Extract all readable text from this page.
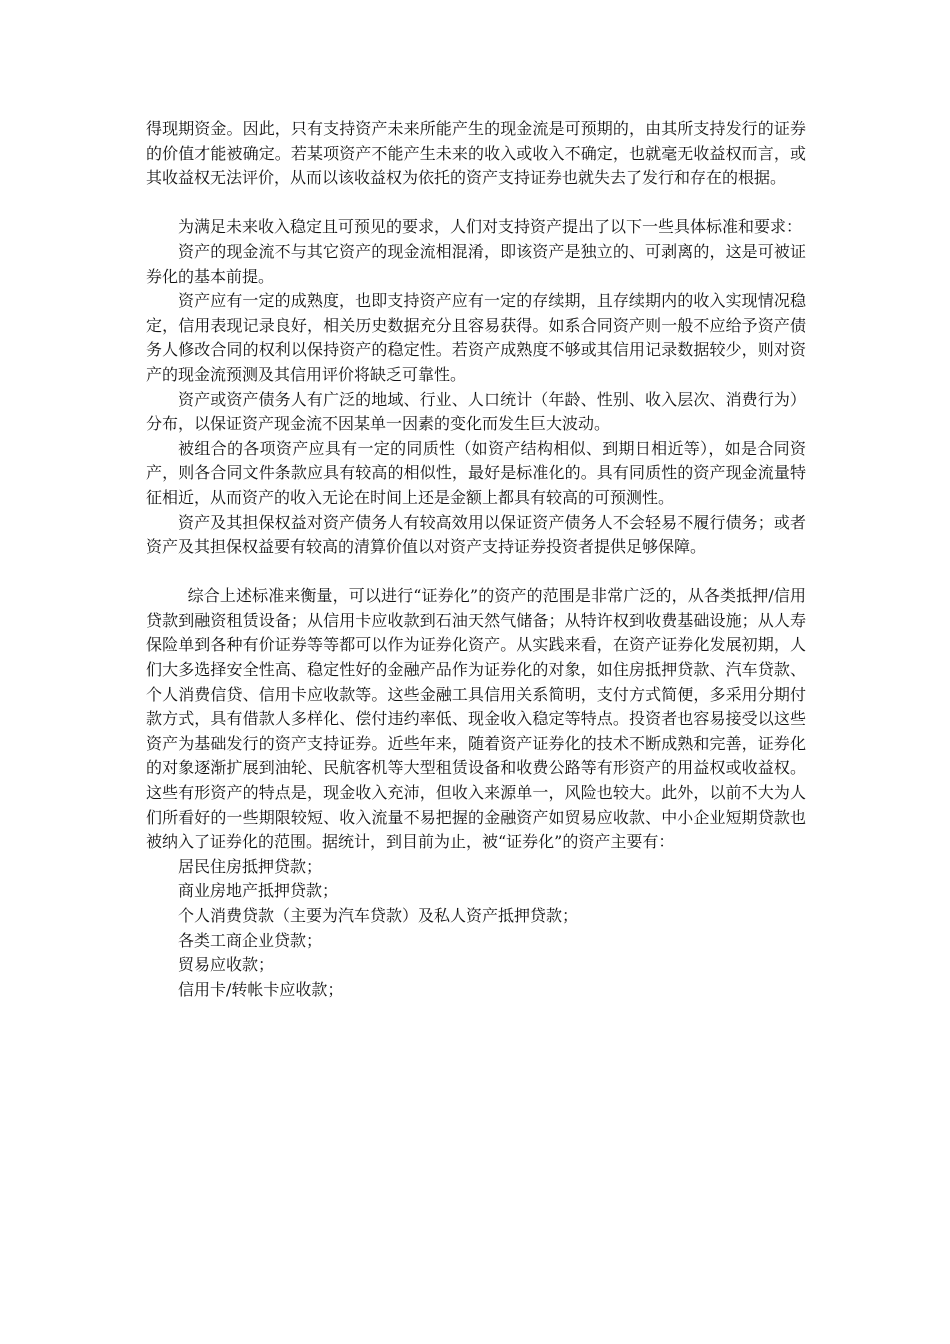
得现期资金。因此，只有支持资产未来所能产生的现金流是可预期的，由其所支持发行的证券的价值才能被确定。若某项资产不能产生未来的收入或收入不确定，也就毫无收益权而言，或其收益权无法评价，从而以该收益权为依托的资产支持证券也就失去了发行和存在的根据。

为满足未来收入稳定且可预见的要求，人们对支持资产提出了以下一些具体标准和要求：

资产的现金流不与其它资产的现金流相混淆，即该资产是独立的、可剥离的，这是可被证券化的基本前提。

资产应有一定的成熟度，也即支持资产应有一定的存续期，且存续期内的收入实现情况稳定，信用表现记录良好，相关历史数据充分且容易获得。如系合同资产则一般不应给予资产债务人修改合同的权利以保持资产的稳定性。若资产成熟度不够或其信用记录数据较少，则对资产的现金流预测及其信用评价将缺乏可靠性。

资产或资产债务人有广泛的地域、行业、人口统计（年龄、性别、收入层次、消费行为）分布，以保证资产现金流不因某单一因素的变化而发生巨大波动。

被组合的各项资产应具有一定的同质性（如资产结构相似、到期日相近等），如是合同资产，则各合同文件条款应具有较高的相似性，最好是标准化的。具有同质性的资产现金流量特征相近，从而资产的收入无论在时间上还是金额上都具有较高的可预测性。

资产及其担保权益对资产债务人有较高效用以保证资产债务人不会轻易不履行债务；或者资产及其担保权益要有较高的清算价值以对资产支持证券投资者提供足够保障。

综合上述标准来衡量，可以进行“证券化”的资产的范围是非常广泛的，从各类抵押/信用贷款到融资租赁设备；从信用卡应收款到石油天然气储备；从特许权到收费基础设施；从人寿保险单到各种有价证券等等都可以作为证券化资产。从实践来看，在资产证券化发展初期，人们大多选择安全性高、稳定性好的金融产品作为证券化的对象，如住房抵押贷款、汽车贷款、个人消费信贷、信用卡应收款等。这些金融工具信用关系简明，支付方式简便，多采用分期付款方式，具有借款人多样化、偿付违约率低、现金收入稳定等特点。投资者也容易接受以这些资产为基础发行的资产支持证券。近些年来，随着资产证券化的技术不断成熟和完善，证券化的对象逐渐扩展到油轮、民航客机等大型租赁设备和收费公路等有形资产的用益权或收益权。这些有形资产的特点是，现金收入充沛，但收入来源单一，风险也较大。此外，以前不大为人们所看好的一些期限较短、收入流量不易把握的金融资产如贸易应收款、中小企业短期贷款也被纳入了证券化的范围。据统计，到目前为止，被“证券化”的资产主要有：

居民住房抵押贷款；

商业房地产抵押贷款；

个人消费贷款（主要为汽车贷款）及私人资产抵押贷款；

各类工商企业贷款；

贸易应收款；

信用卡/转帐卡应收款；
